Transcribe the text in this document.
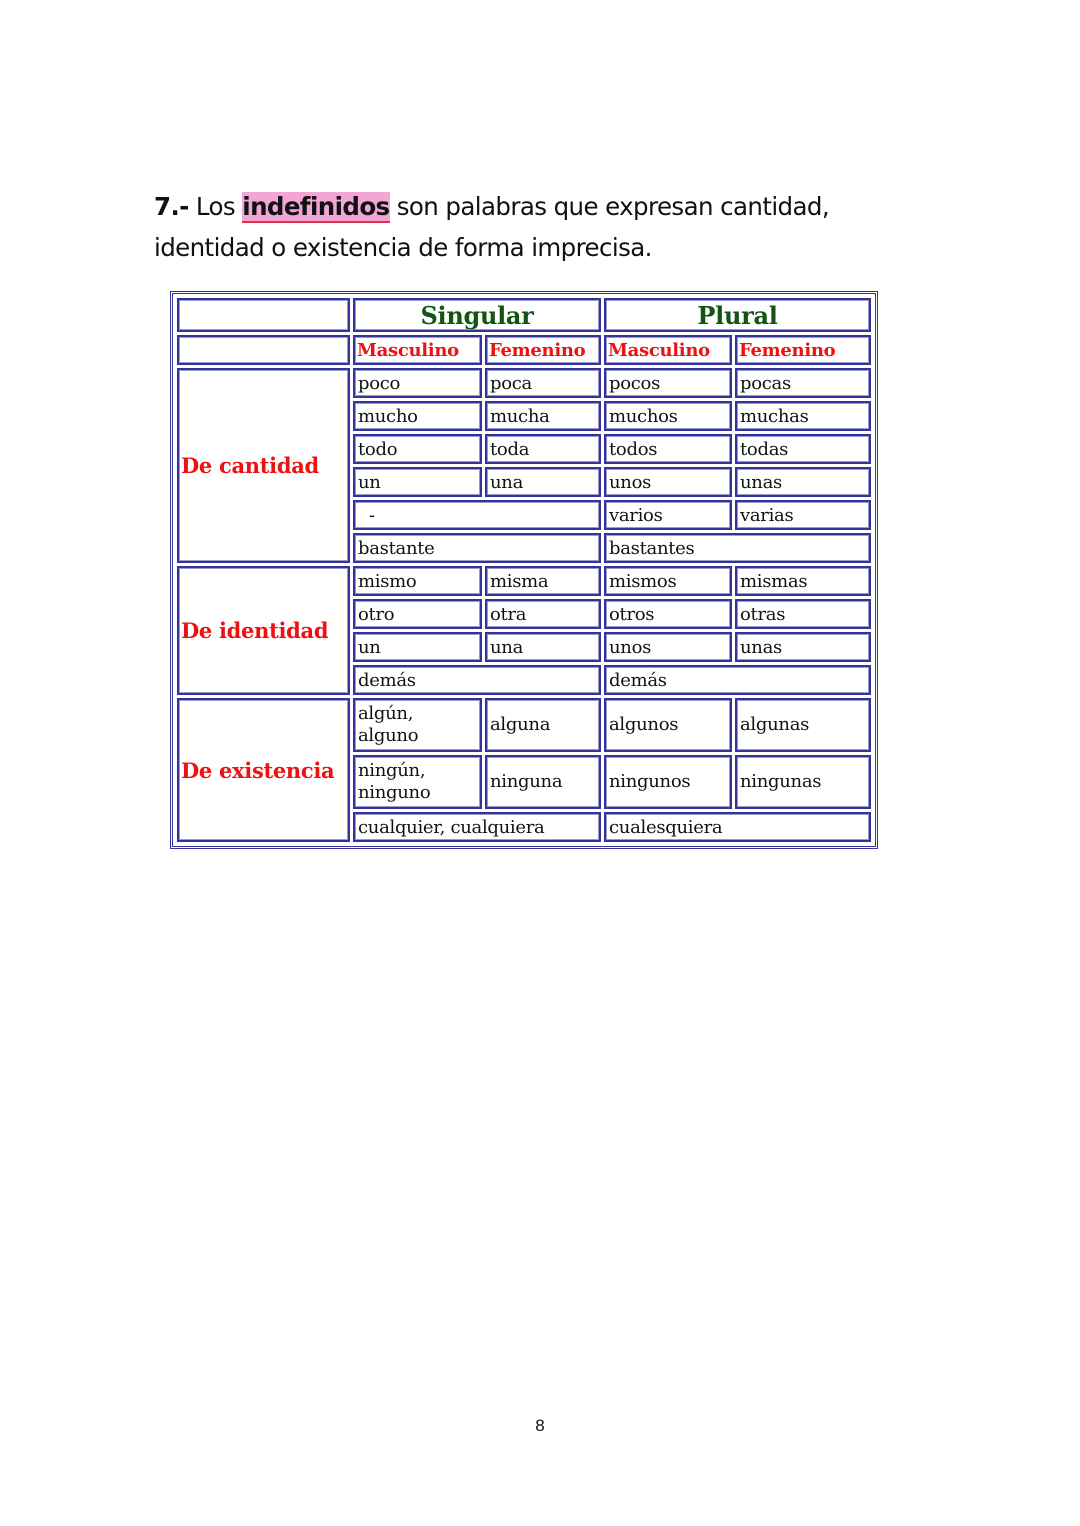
7.- Los indefinidos son palabras que expresan cantidad, identidad o existencia de forma imprecisa.

	Singular		Plural	
	Masculino	Femenino	Masculino	Femenino
De cantidad	poco	poca	pocos	pocas
	mucho	mucha	muchos	muchas
	todo	toda	todos	todas
	un	una	unos	unas
	-		varios	varias
	bastante		bastantes	
De identidad	mismo	misma	mismos	mismas
	otro	otra	otros	otras
	un	una	unos	unas
	demás		demás	
De existencia	algún, alguno	alguna	algunos	algunas
	ningún, ninguno	ninguna	ningunos	ningunas
	cualquier, cualquiera		cualesquiera	
8
